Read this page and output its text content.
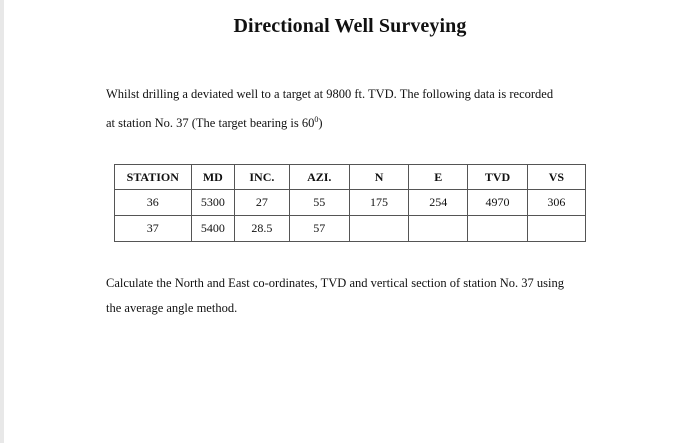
Directional Well Surveying
Whilst drilling a deviated well to a target at 9800 ft. TVD. The following data is recorded
at station No. 37 (The target bearing is $60^0$)
STATION	MD	INC.	AZI.	N	E	TVD	VS
36	5300	27	55	175	254	4970	306
37	5400	28.5	57				
Calculate the North and East co-ordinates, TVD and vertical section of station No. 37 using
the average angle method.
